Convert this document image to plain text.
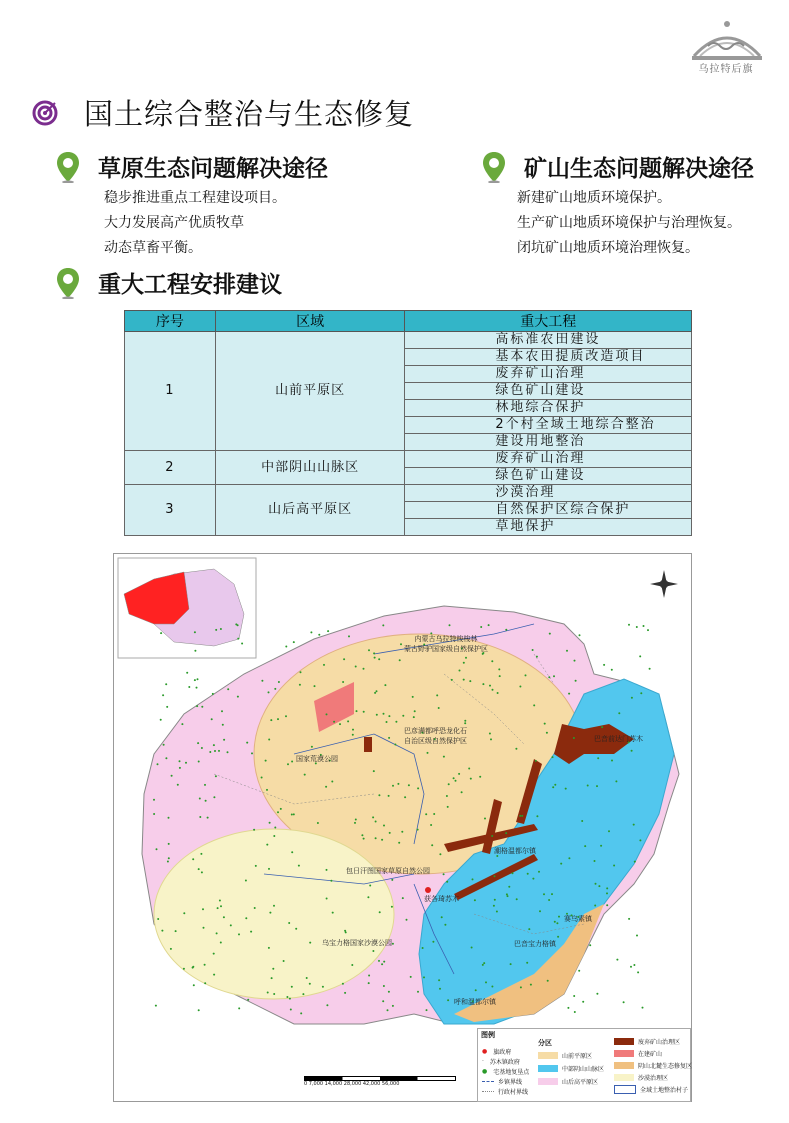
乌拉特后旗
国土综合整治与生态修复
草原生态问题解决途径
稳步推进重点工程建设项目。
大力发展高产优质牧草
动态草畜平衡。
矿山生态问题解决途径
新建矿山地质环境保护。
生产矿山地质环境保护与治理恢复。
闭坑矿山地质环境治理恢复。
重大工程安排建议
序号	区域	重大工程
1	山前平原区	高标准农田建设
		基本农田提质改造项目
		废弃矿山治理
		绿色矿山建设
		林地综合保护
		2个村全域土地综合整治
		建设用地整治
2	中部阴山山脉区	废弃矿山治理
		绿色矿山建设
3	山后高平原区	沙漠治理
		自然保护区综合保护
		草地保护
内蒙古乌拉特梭梭林
蒙古野驴国家级自然保护区
巴彦满都呼恐龙化石
自治区级自然保护区
国家荒漠公园
包日汗图国家草原自然公园
乌宝力格国家沙漠公园
巴音前达门苏木
潮格温都尔镇
获各琦苏木
巴音宝力格镇
呼和温都尔镇
赛乌素镇
0 7,000 14,000 28,000 42,000 56,000
图例
分区
● 旗政府
· 苏木镇政府
● 宅基地复垦点
乡镇界线
行政村界线
山前平原区
中部阴山山脉区
山后高平原区
废弃矿山治理区
在建矿山
阴山北麓生态修复区
沙漠治理区
全域土地整治村子
